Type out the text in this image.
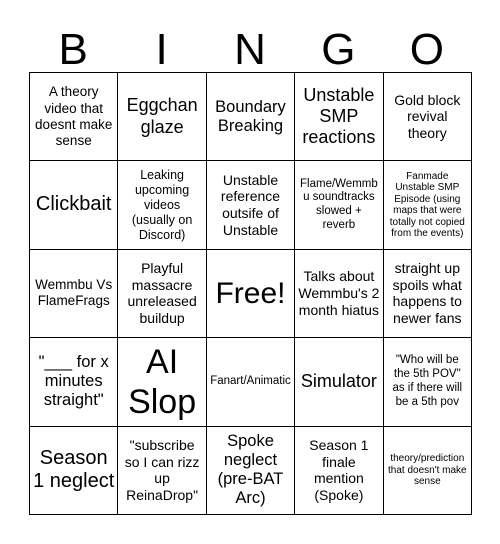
B	I	N	G	O
A theory video that doesnt make sense
Eggchan glaze
Boundary Breaking
Unstable SMP reactions
Gold block revival theory
Clickbait
Leaking upcoming videos (usually on Discord)
Unstable reference outsife of Unstable
Flame/Wemmbu soundtracks slowed + reverb
Fanmade Unstable SMP Episode (using maps that were totally not copied from the events)
Wemmbu Vs FlameFrags
Playful massacre unreleased buildup
Free!
Talks about Wemmbu's 2 month hiatus
straight up spoils what happens to newer fans
"___ for x minutes straight"
AI Slop
Fanart/Animatic Simulator
"Who will be the 5th POV" as if there will be a 5th pov
Season 1 neglect
"subscribe so I can rizz up ReinaDrop"
Spoke neglect (pre-BAT Arc)
Season 1 finale mention (Spoke)
theory/prediction that doesn't make sense
